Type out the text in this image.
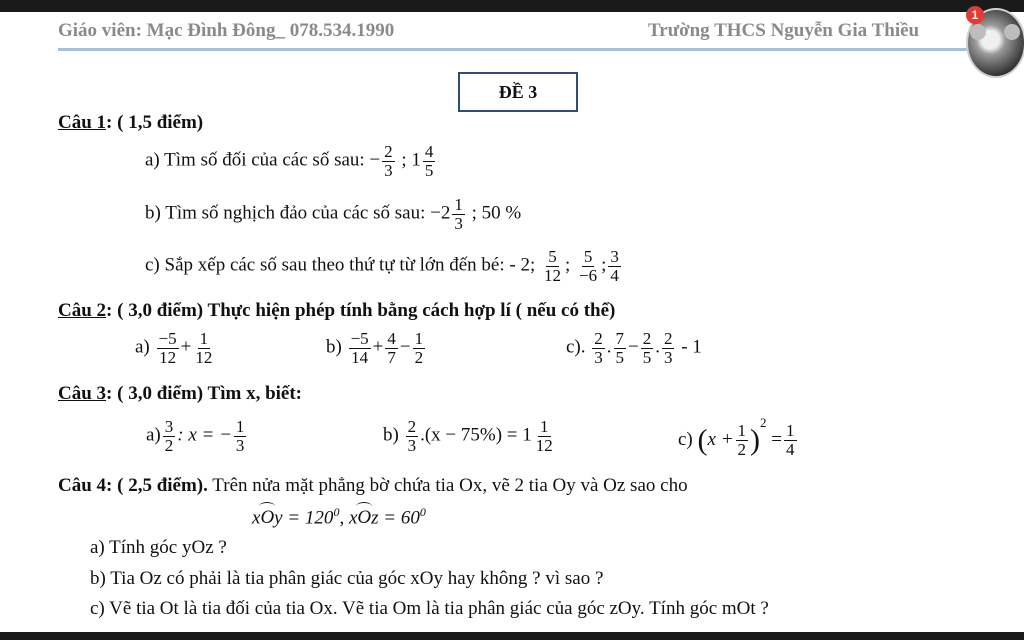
Giáo viên: Mạc Đình Đông_ 078.534.1990	Trường THCS Nguyễn Gia Thiều
1
ĐỀ 3
Câu 1: ( 1,5 điểm)
a) Tìm số đối của các số sau: − $\frac{2}{3}$ ; $1 \frac{4}{5}$
b) Tìm số nghịch đảo của các số sau: $-2 \frac{1}{3}$ ; 50 %
c) Sắp xếp các số sau theo thứ tự từ lớn đến bé: - 2; $\frac{5}{12}$ ; $\frac{5}{-6}$ ; $\frac{3}{4}$
Câu 2: ( 3,0 điểm) Thực hiện phép tính bằng cách hợp lí ( nếu có thể)
$a) \frac{-5}{12} + \frac{1}{12}$	$b) \frac{-5}{14} + \frac{4}{7} - \frac{1}{2}$	c). $\frac{2}{3}$ . $\frac{7}{5} - \frac{2}{5}$ . $\frac{2}{3} - 1$
Câu 3: ( 3,0 điểm) Tìm x, biết:
$a) \frac{3}{2}$ : x = − $\frac{1}{3}$	$b) \frac{2}{3} .(x - 75\%) = 1 \frac{1}{12}$	c) $(x + \frac{1}{2} )^2 = \frac{1}{4}$
Câu 4: ( 2,5 điểm). Trên nửa mặt phẳng bờ chứa tia Ox, vẽ 2 tia Oy và Oz sao cho
xOy = $120^0$, xOz = $60^0$
a) Tính góc yOz ?
b) Tia Oz có phải là tia phân giác của góc xOy hay không ? vì sao ?
c) Vẽ tia Ot là tia đối của tia Ox. Vẽ tia Om là tia phân giác của góc zOy. Tính góc mOt ?
